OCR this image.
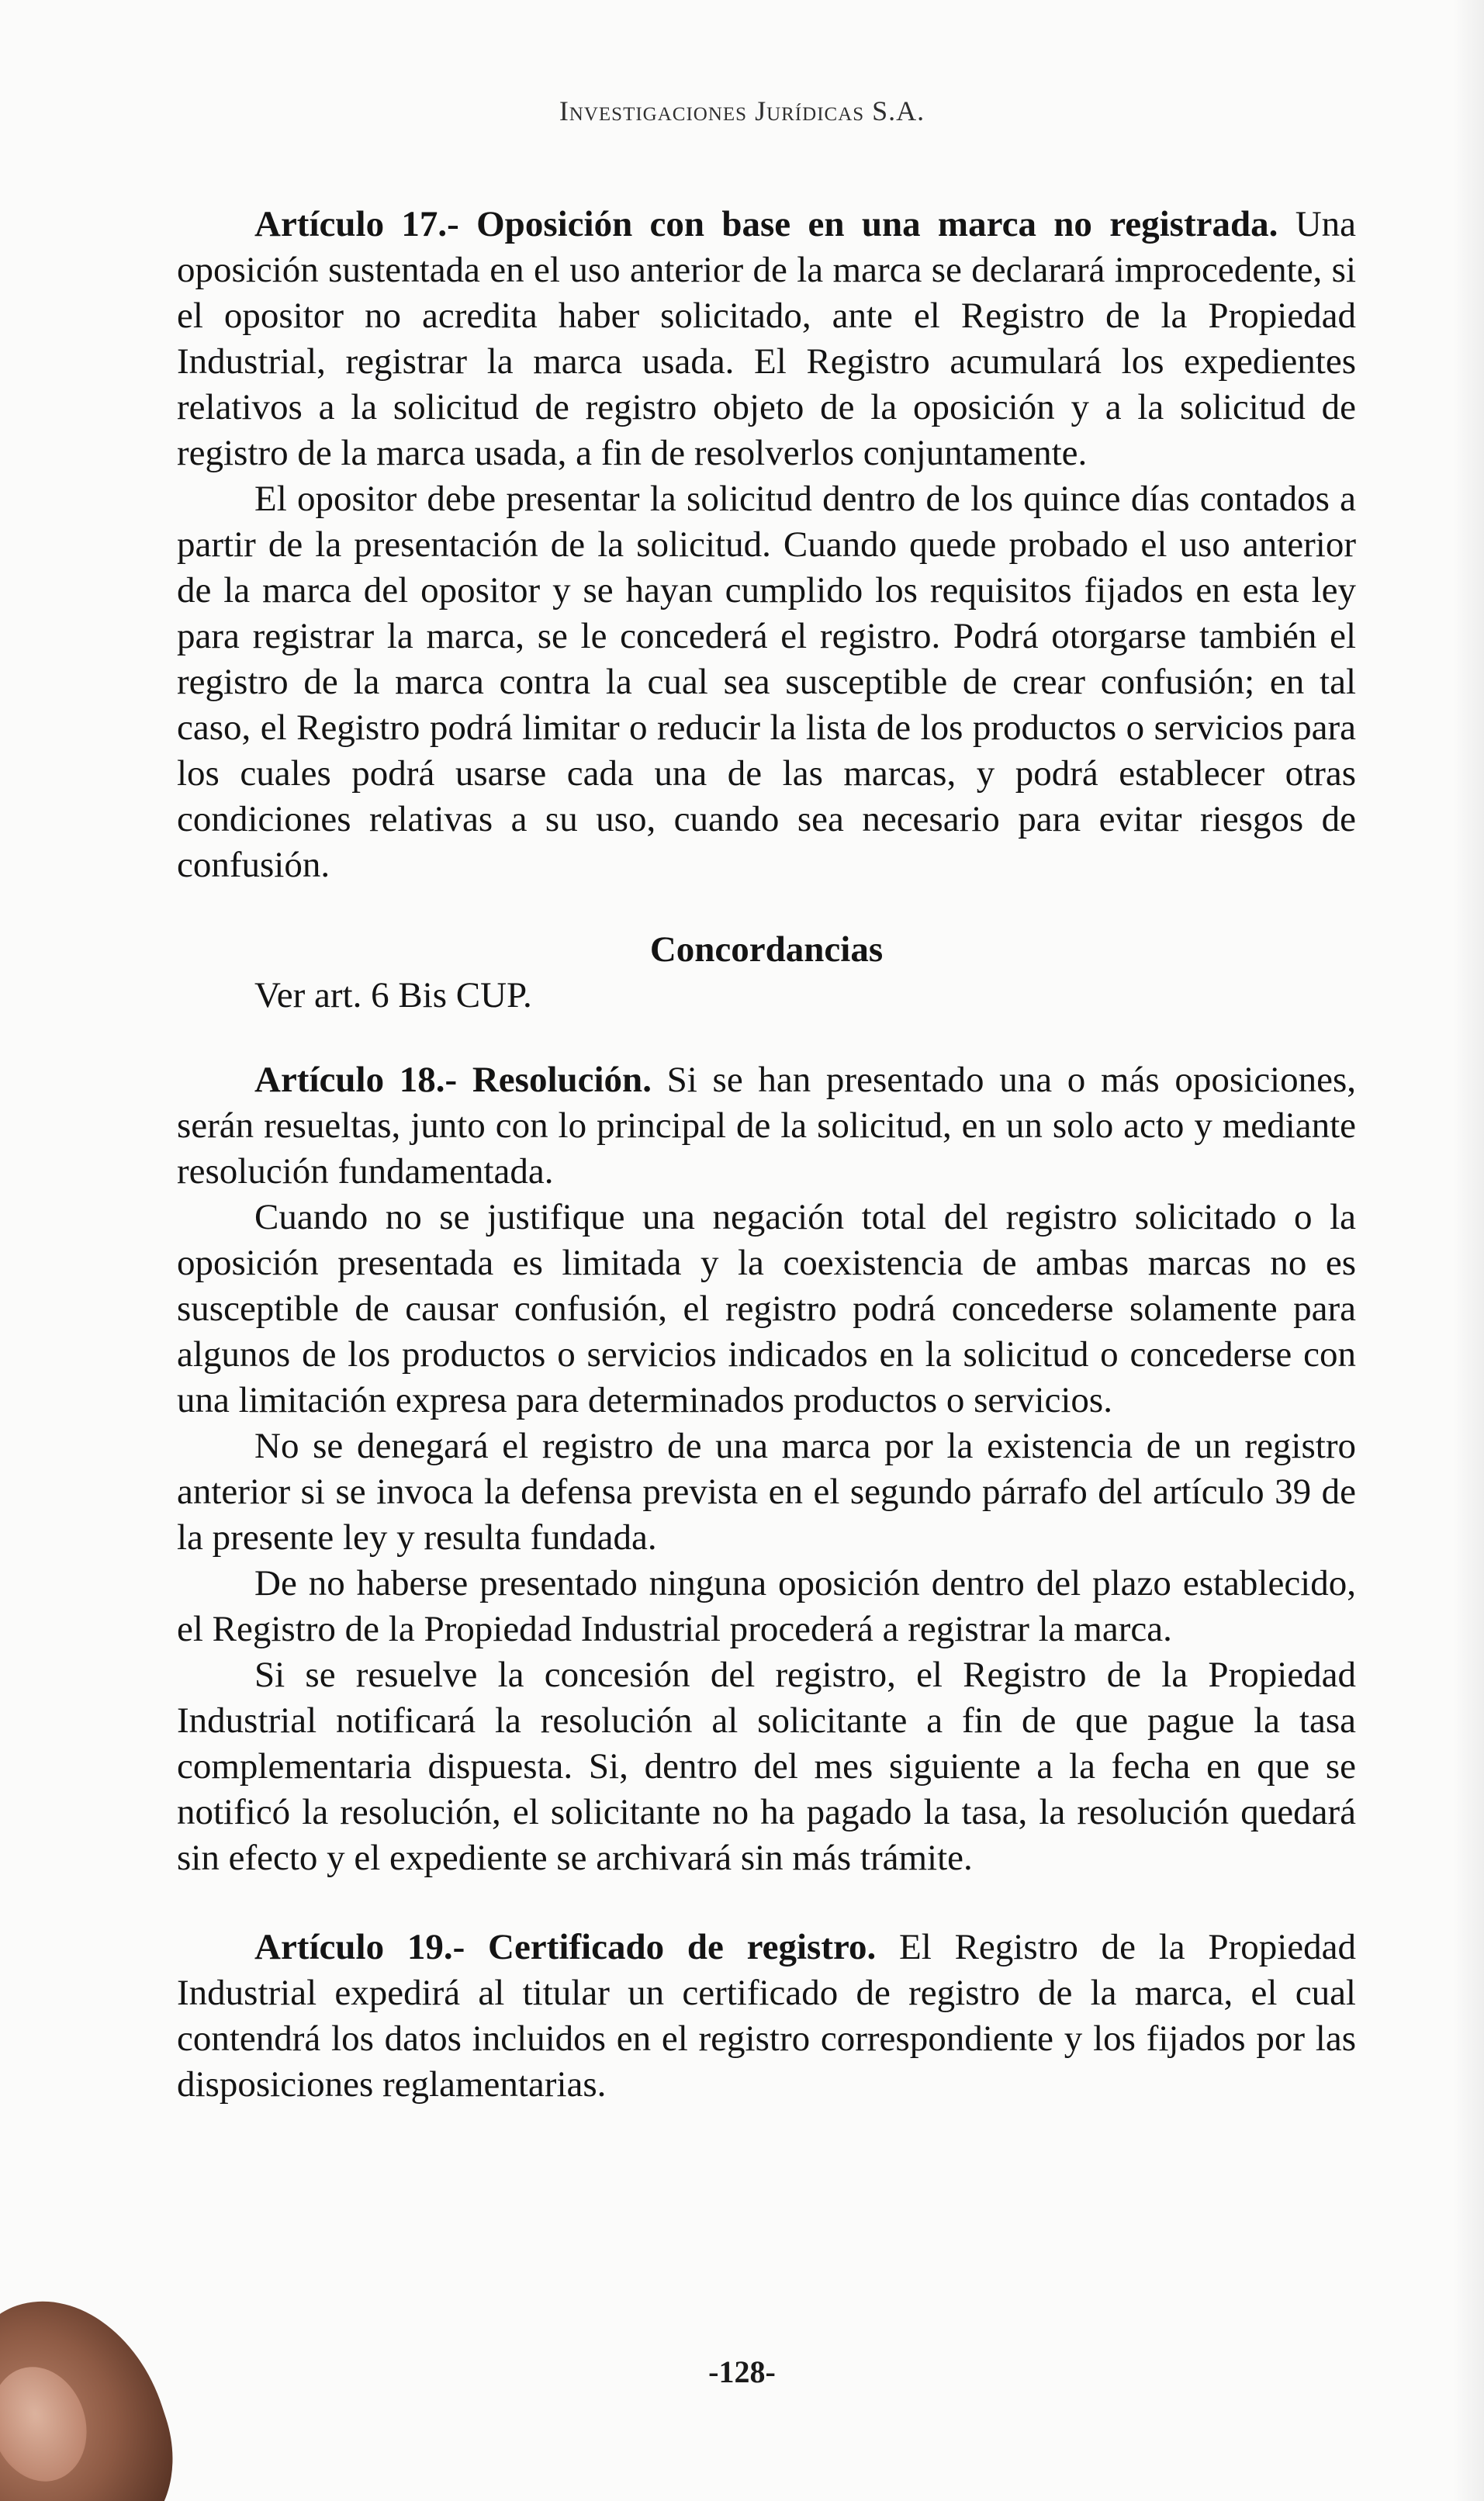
Investigaciones Jurídicas S.A.

Artículo 17.- Oposición con base en una marca no registrada. Una oposición sustentada en el uso anterior de la marca se declarará improcedente, si el opositor no acredita haber solicitado, ante el Registro de la Propiedad Industrial, registrar la marca usada. El Registro acumulará los expedientes relativos a la solicitud de registro objeto de la oposición y a la solicitud de registro de la marca usada, a fin de resolverlos conjuntamente.

El opositor debe presentar la solicitud dentro de los quince días contados a partir de la presentación de la solicitud. Cuando quede probado el uso anterior de la marca del opositor y se hayan cumplido los requisitos fijados en esta ley para registrar la marca, se le concederá el registro. Podrá otorgarse también el registro de la marca contra la cual sea susceptible de crear confusión; en tal caso, el Registro podrá limitar o reducir la lista de los productos o servicios para los cuales podrá usarse cada una de las marcas, y podrá establecer otras condiciones relativas a su uso, cuando sea necesario para evitar riesgos de confusión.

Concordancias

Ver art. 6 Bis CUP.

Artículo 18.- Resolución. Si se han presentado una o más oposiciones, serán resueltas, junto con lo principal de la solicitud, en un solo acto y mediante resolución fundamentada.

Cuando no se justifique una negación total del registro solicitado o la oposición presentada es limitada y la coexistencia de ambas marcas no es susceptible de causar confusión, el registro podrá concederse solamente para algunos de los productos o servicios indicados en la solicitud o concederse con una limitación expresa para determinados productos o servicios.

No se denegará el registro de una marca por la existencia de un registro anterior si se invoca la defensa prevista en el segundo párrafo del artículo 39 de la presente ley y resulta fundada.

De no haberse presentado ninguna oposición dentro del plazo establecido, el Registro de la Propiedad Industrial procederá a registrar la marca.

Si se resuelve la concesión del registro, el Registro de la Propiedad Industrial notificará la resolución al solicitante a fin de que pague la tasa complementaria dispuesta. Si, dentro del mes siguiente a la fecha en que se notificó la resolución, el solicitante no ha pagado la tasa, la resolución quedará sin efecto y el expediente se archivará sin más trámite.

Artículo 19.- Certificado de registro. El Registro de la Propiedad Industrial expedirá al titular un certificado de registro de la marca, el cual contendrá los datos incluidos en el registro correspondiente y los fijados por las disposiciones reglamentarias.

-128-
